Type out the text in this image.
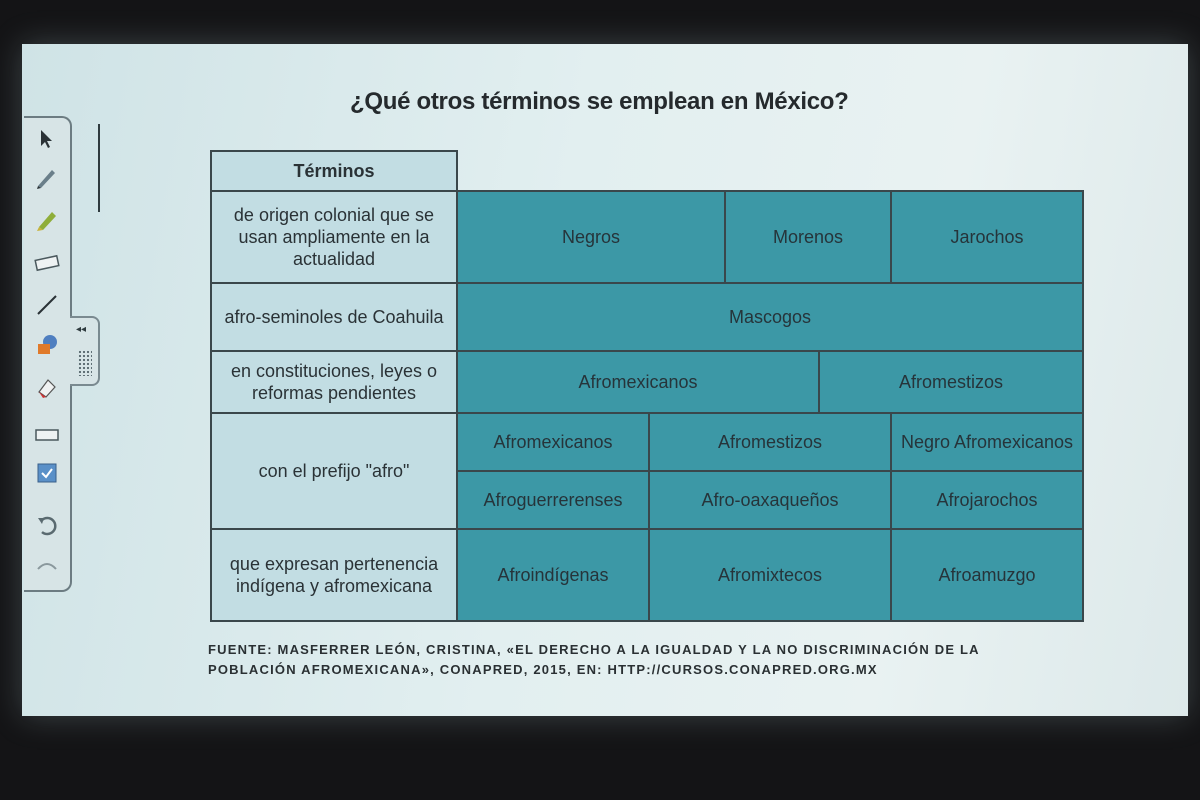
¿Qué otros términos se emplean en México?
◂◂
Términos					
de origen colonial que se usan ampliamente en la actualidad	Negros		Morenos		Jarochos
afro-seminoles de Coahuila	Mascogos				
en constituciones, leyes o reformas pendientes	Afromexicanos			Afromestizos	
con el prefijo "afro"	Afromexicanos	Afromestizos			Negro Afromexicanos
	Afroguerrerenses	Afro-oaxaqueños			Afrojarochos
que expresan pertenencia indígena y afromexicana	Afroindígenas	Afromixtecos			Afroamuzgo
FUENTE: MASFERRER LEÓN, CRISTINA, «EL DERECHO A LA IGUALDAD Y LA NO DISCRIMINACIÓN DE LA POBLACIÓN AFROMEXICANA», CONAPRED, 2015, EN: HTTP://CURSOS.CONAPRED.ORG.MX
